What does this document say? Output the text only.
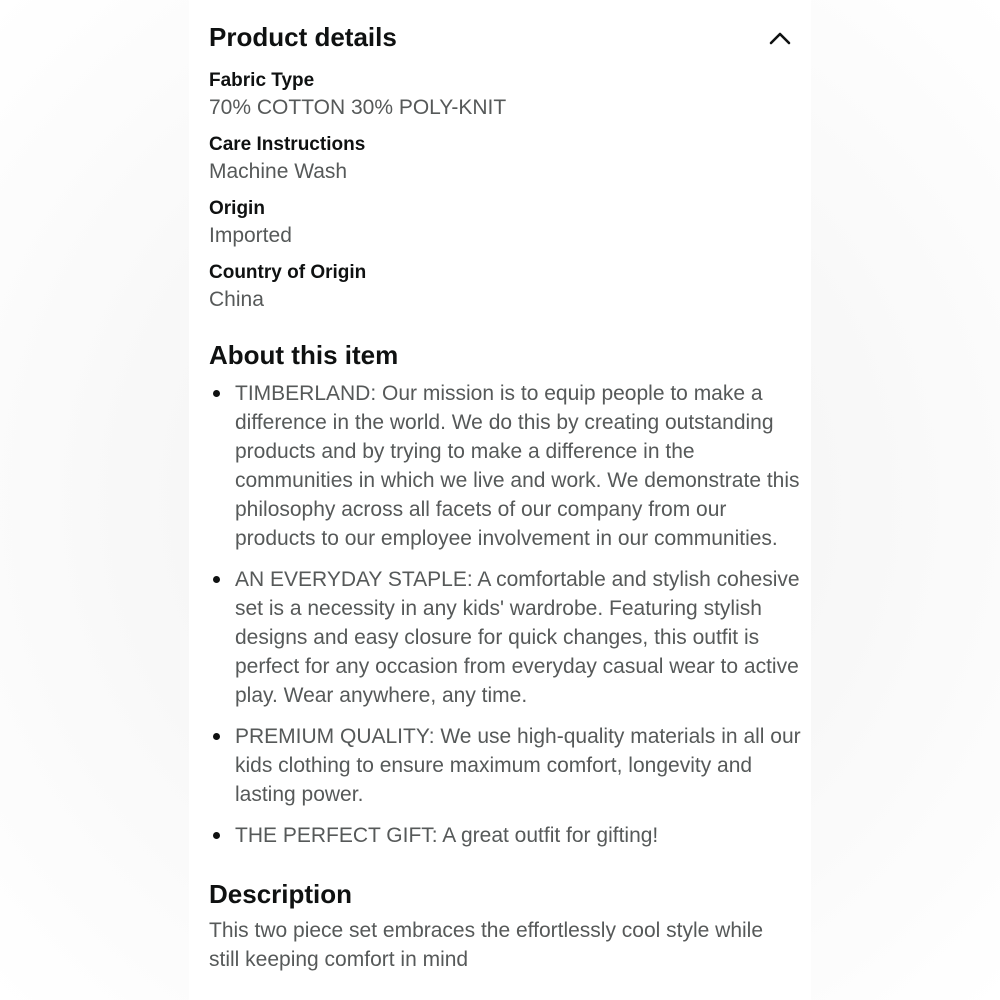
Product details
Fabric Type
70% COTTON 30% POLY-KNIT
Care Instructions
Machine Wash
Origin
Imported
Country of Origin
China
About this item
TIMBERLAND: Our mission is to equip people to make a difference in the world. We do this by creating outstanding products and by trying to make a difference in the communities in which we live and work. We demonstrate this philosophy across all facets of our company from our products to our employee involvement in our communities.
AN EVERYDAY STAPLE: A comfortable and stylish cohesive set is a necessity in any kids' wardrobe. Featuring stylish designs and easy closure for quick changes, this outfit is perfect for any occasion from everyday casual wear to active play. Wear anywhere, any time.
PREMIUM QUALITY: We use high-quality materials in all our kids clothing to ensure maximum comfort, longevity and lasting power.
THE PERFECT GIFT: A great outfit for gifting!
Description
This two piece set embraces the effortlessly cool style while still keeping comfort in mind
